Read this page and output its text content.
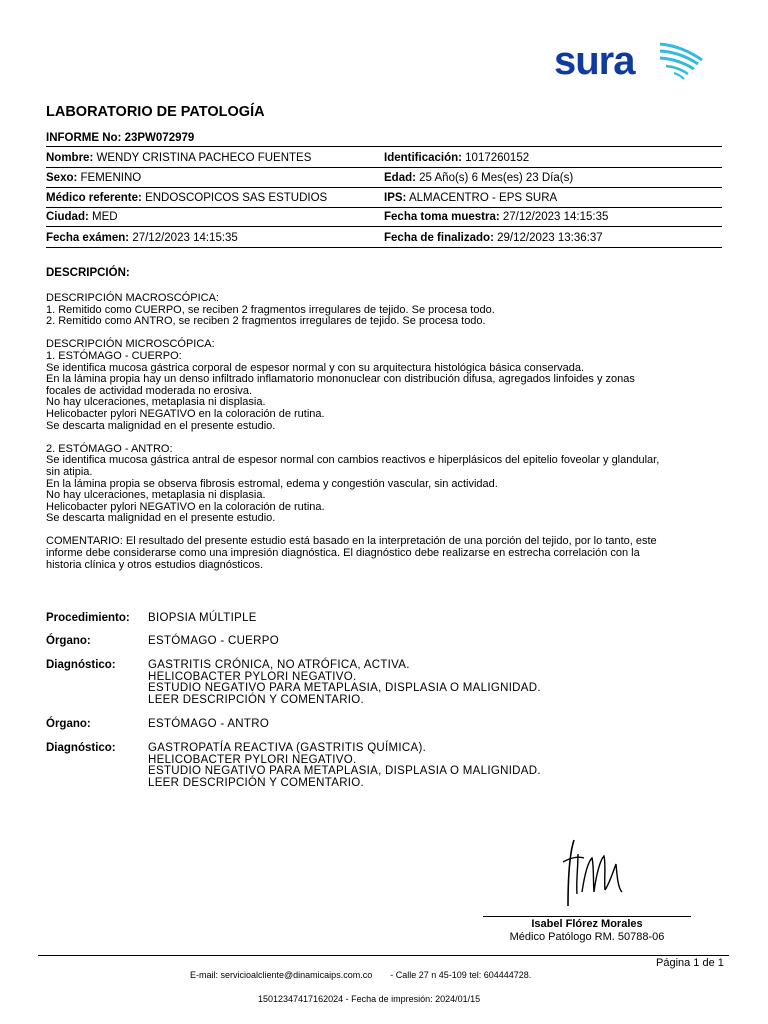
sura
LABORATORIO DE PATOLOGÍA
INFORME No: 23PW072979
Nombre: WENDY CRISTINA PACHECO FUENTES	Identificación: 1017260152
Sexo: FEMENINO	Edad: 25 Año(s) 6 Mes(es) 23 Día(s)
Médico referente: ENDOSCOPICOS SAS ESTUDIOS	IPS: ALMACENTRO - EPS SURA
Ciudad: MED	Fecha toma muestra: 27/12/2023 14:15:35
Fecha exámen: 27/12/2023 14:15:35	Fecha de finalizado: 29/12/2023 13:36:37
DESCRIPCIÓN:

DESCRIPCIÓN MACROSCÓPICA:

1. Remitido como CUERPO, se reciben 2 fragmentos irregulares de tejido. Se procesa todo.

2. Remitido como ANTRO, se reciben 2 fragmentos irregulares de tejido. Se procesa todo.

DESCRIPCIÓN MICROSCÓPICA:

1. ESTÓMAGO - CUERPO:

Se identifica mucosa gástrica corporal de espesor normal y con su arquitectura histológica básica conservada.

En la lámina propia hay un denso infiltrado inflamatorio mononuclear con distribución difusa, agregados linfoides y zonas

focales de actividad moderada no erosiva.

No hay ulceraciones, metaplasia ni displasia.

Helicobacter pylori NEGATIVO en la coloración de rutina.

Se descarta malignidad en el presente estudio.

2. ESTÓMAGO - ANTRO:

Se identifica mucosa gástrica antral de espesor normal con cambios reactivos e hiperplásicos del epitelio foveolar y glandular,

sin atipia.

En la lámina propia se observa fibrosis estromal, edema y congestión vascular, sin actividad.

No hay ulceraciones, metaplasia ni displasia.

Helicobacter pylori NEGATIVO en la coloración de rutina.

Se descarta malignidad en el presente estudio.

COMENTARIO: El resultado del presente estudio está basado en la interpretación de una porción del tejido, por lo tanto, este

informe debe considerarse como una impresión diagnóstica. El diagnóstico debe realizarse en estrecha correlación con la

historia clínica y otros estudios diagnósticos.

Procedimiento: BIOPSIA MÚLTIPLE
Órgano:	ESTÓMAGO - CUERPO
Diagnóstico:	GASTRITIS CRÓNICA, NO ATRÓFICA, ACTIVA.
HELICOBACTER PYLORI NEGATIVO.
ESTUDIO NEGATIVO PARA METAPLASIA, DISPLASIA O MALIGNIDAD.
LEER DESCRIPCIÓN Y COMENTARIO.
Órgano:	ESTÓMAGO - ANTRO
Diagnóstico:	GASTROPATÍA REACTIVA (GASTRITIS QUÍMICA).
HELICOBACTER PYLORI NEGATIVO.
ESTUDIO NEGATIVO PARA METAPLASIA, DISPLASIA O MALIGNIDAD.
LEER DESCRIPCIÓN Y COMENTARIO.
Isabel Flórez Morales
Médico Patólogo RM. 50788-06
Página 1 de 1
E-mail: servicioalcliente@dinamicaips.com.co - Calle 27 n 45-109 tel: 604444728.
15012347417162024 - Fecha de impresión: 2024/01/15
